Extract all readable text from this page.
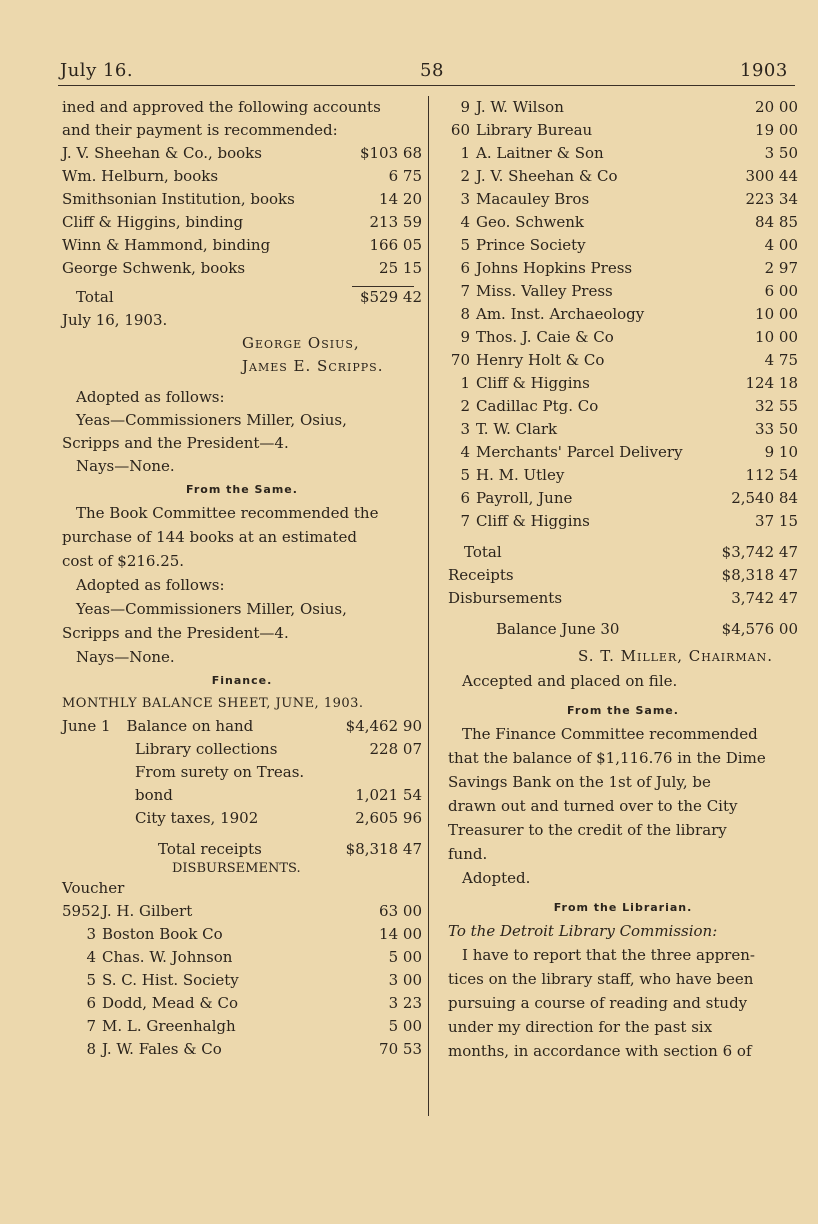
July 16.	58	1903
ined and approved the following accounts
and their payment is recommended:
J. V. Sheehan & Co., books	$103 68
Wm. Helburn, books	6 75
Smithsonian Institution, books	14 20
Cliff & Higgins, binding	213 59
Winn & Hammond, binding	166 05
George Schwenk, books	25 15
Total	$529 42
July 16, 1903.
George Osius,
James E. Scripps.
Adopted as follows:
Yeas—Commissioners Miller, Osius,
Scripps and the President—4.
Nays—None.
From the Same.
The Book Committee recommended the
purchase of 144 books at an estimated
cost of $216.25.
Adopted as follows:
Yeas—Commissioners Miller, Osius,
Scripps and the President—4.
Nays—None.
Finance.
MONTHLY BALANCE SHEET, JUNE, 1903.
June 1 Balance on hand	$4,462 90
Library collections	228 07
From surety on Treas.
bond	1,021 54
City taxes, 1902	2,605 96
Total receipts	$8,318 47
DISBURSEMENTS.
Voucher
5952 J. H. Gilbert	63 00
3 Boston Book Co	14 00
4 Chas. W. Johnson	5 00
5 S. C. Hist. Society	3 00
6 Dodd, Mead & Co	3 23
7 M. L. Greenhalgh	5 00
8 J. W. Fales & Co	70 53
9 J. W. Wilson	20 00
60 Library Bureau	19 00
1 A. Laitner & Son	3 50
2 J. V. Sheehan & Co	300 44
3 Macauley Bros	223 34
4 Geo. Schwenk	84 85
5 Prince Society	4 00
6 Johns Hopkins Press	2 97
7 Miss. Valley Press	6 00
8 Am. Inst. Archaeology	10 00
9 Thos. J. Caie & Co	10 00
70 Henry Holt & Co	4 75
1 Cliff & Higgins	124 18
2 Cadillac Ptg. Co	32 55
3 T. W. Clark	33 50
4 Merchants' Parcel Delivery	9 10
5 H. M. Utley	112 54
6 Payroll, June	2,540 84
7 Cliff & Higgins	37 15
Total	$3,742 47
Receipts	$8,318 47
Disbursements	3,742 47
Balance June 30	$4,576 00
S. T. Miller, Chairman.
Accepted and placed on file.
From the Same.
The Finance Committee recommended
that the balance of $1,116.76 in the Dime
Savings Bank on the 1st of July, be
drawn out and turned over to the City
Treasurer to the credit of the library
fund.
Adopted.
From the Librarian.
To the Detroit Library Commission:
I have to report that the three appren-
tices on the library staff, who have been
pursuing a course of reading and study
under my direction for the past six
months, in accordance with section 6 of
